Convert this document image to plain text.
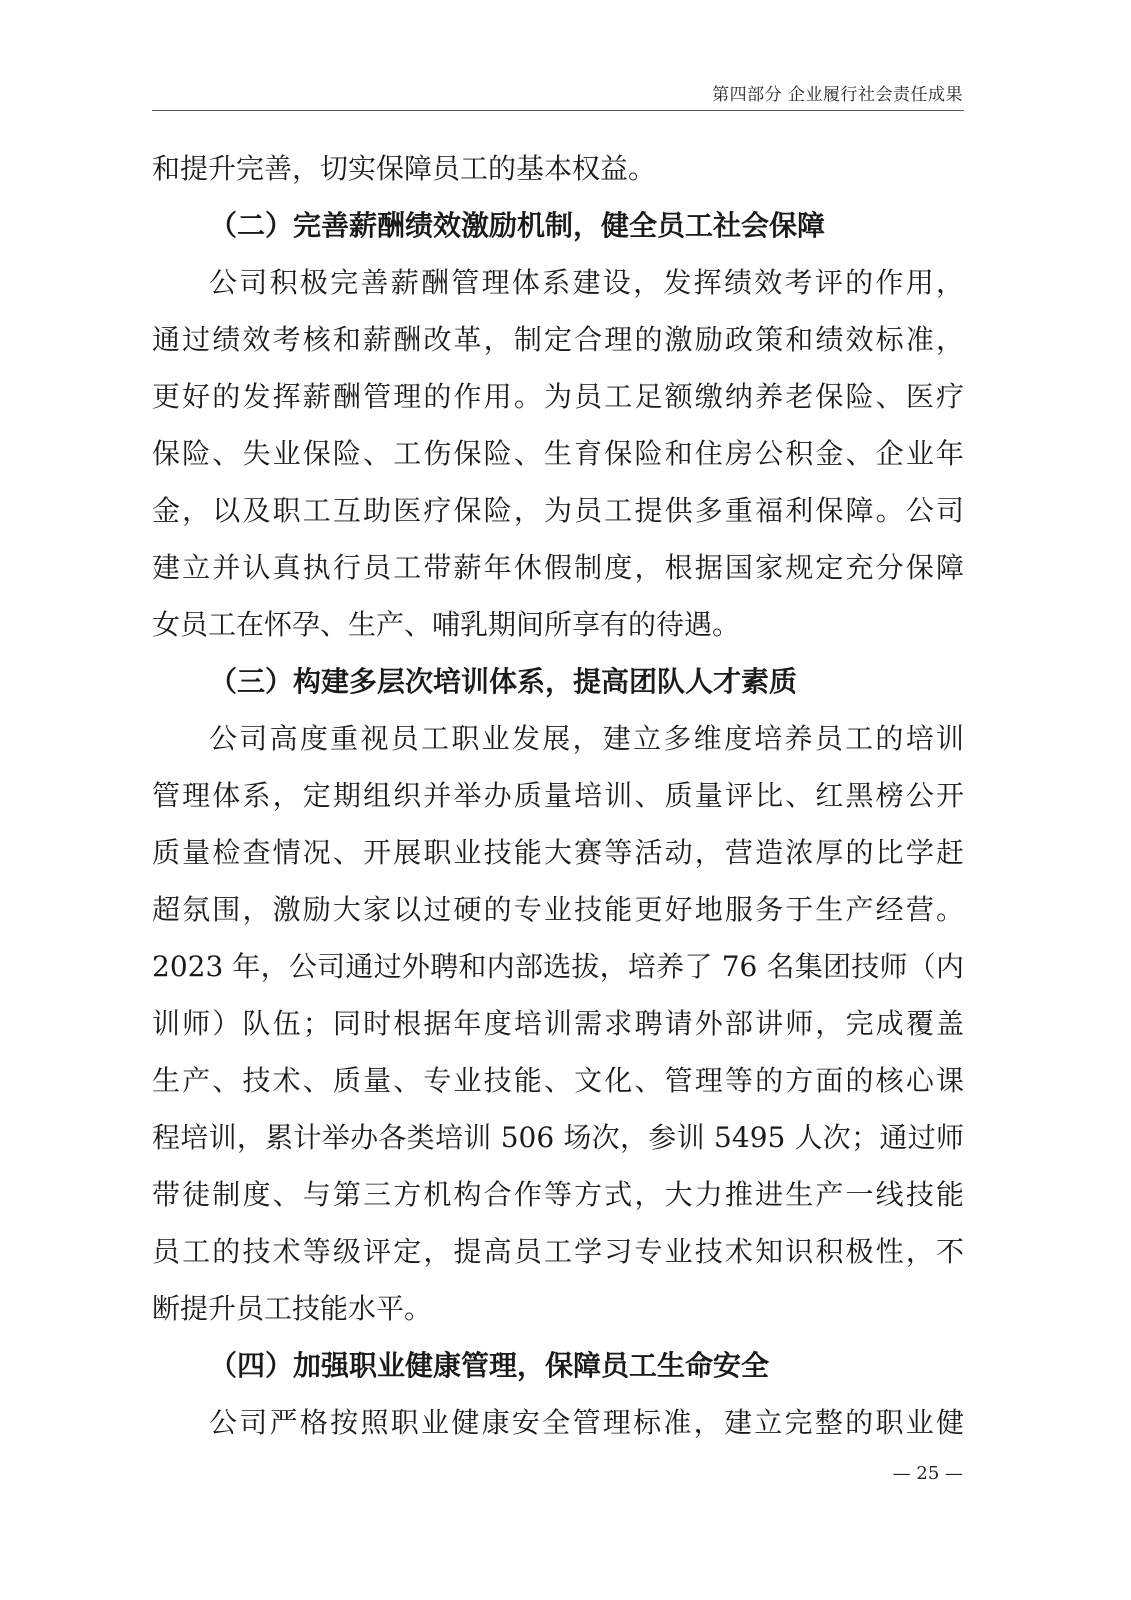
第四部分 企业履行社会责任成果
和提升完善，切实保障员工的基本权益。
（二）完善薪酬绩效激励机制，健全员工社会保障
公司积极完善薪酬管理体系建设，发挥绩效考评的作用，
通过绩效考核和薪酬改革，制定合理的激励政策和绩效标准，
更好的发挥薪酬管理的作用。为员工足额缴纳养老保险、医疗
保险、失业保险、工伤保险、生育保险和住房公积金、企业年
金，以及职工互助医疗保险，为员工提供多重福利保障。公司
建立并认真执行员工带薪年休假制度，根据国家规定充分保障
女员工在怀孕、生产、哺乳期间所享有的待遇。
（三）构建多层次培训体系，提高团队人才素质
公司高度重视员工职业发展，建立多维度培养员工的培训
管理体系，定期组织并举办质量培训、质量评比、红黑榜公开
质量检查情况、开展职业技能大赛等活动，营造浓厚的比学赶
超氛围，激励大家以过硬的专业技能更好地服务于生产经营。
2023 年，公司通过外聘和内部选拔，培养了 76 名集团技师（内
训师）队伍；同时根据年度培训需求聘请外部讲师，完成覆盖
生产、技术、质量、专业技能、文化、管理等的方面的核心课
程培训，累计举办各类培训 506 场次，参训 5495 人次；通过师
带徒制度、与第三方机构合作等方式，大力推进生产一线技能
员工的技术等级评定，提高员工学习专业技术知识积极性，不
断提升员工技能水平。
（四）加强职业健康管理，保障员工生命安全
公司严格按照职业健康安全管理标准，建立完整的职业健
— 25 —
